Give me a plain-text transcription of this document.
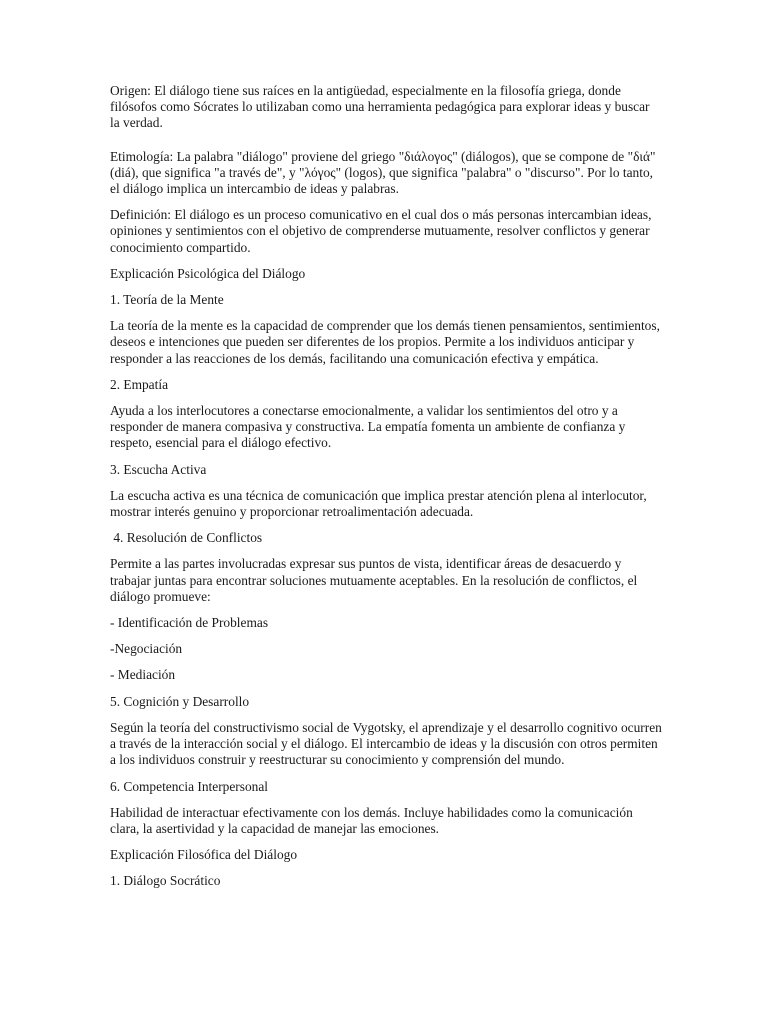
Origen: El diálogo tiene sus raíces en la antigüedad, especialmente en la filosofía griega, donde filósofos como Sócrates lo utilizaban como una herramienta pedagógica para explorar ideas y buscar la verdad.

Etimología: La palabra "diálogo" proviene del griego "διάλογος" (diálogos), que se compone de "διά" (diá), que significa "a través de", y "λόγος" (logos), que significa "palabra" o "discurso". Por lo tanto, el diálogo implica un intercambio de ideas y palabras.

Definición: El diálogo es un proceso comunicativo en el cual dos o más personas intercambian ideas, opiniones y sentimientos con el objetivo de comprenderse mutuamente, resolver conflictos y generar conocimiento compartido.

Explicación Psicológica del Diálogo

1. Teoría de la Mente

La teoría de la mente es la capacidad de comprender que los demás tienen pensamientos, sentimientos, deseos e intenciones que pueden ser diferentes de los propios. Permite a los individuos anticipar y responder a las reacciones de los demás, facilitando una comunicación efectiva y empática.

2. Empatía

Ayuda a los interlocutores a conectarse emocionalmente, a validar los sentimientos del otro y a responder de manera compasiva y constructiva. La empatía fomenta un ambiente de confianza y respeto, esencial para el diálogo efectivo.

3. Escucha Activa

La escucha activa es una técnica de comunicación que implica prestar atención plena al interlocutor, mostrar interés genuino y proporcionar retroalimentación adecuada.

4. Resolución de Conflictos

Permite a las partes involucradas expresar sus puntos de vista, identificar áreas de desacuerdo y trabajar juntas para encontrar soluciones mutuamente aceptables. En la resolución de conflictos, el diálogo promueve:

- Identificación de Problemas

-Negociación

- Mediación

5. Cognición y Desarrollo

Según la teoría del constructivismo social de Vygotsky, el aprendizaje y el desarrollo cognitivo ocurren a través de la interacción social y el diálogo. El intercambio de ideas y la discusión con otros permiten a los individuos construir y reestructurar su conocimiento y comprensión del mundo.

6. Competencia Interpersonal

Habilidad de interactuar efectivamente con los demás. Incluye habilidades como la comunicación clara, la asertividad y la capacidad de manejar las emociones.

Explicación Filosófica del Diálogo

1. Diálogo Socrático
